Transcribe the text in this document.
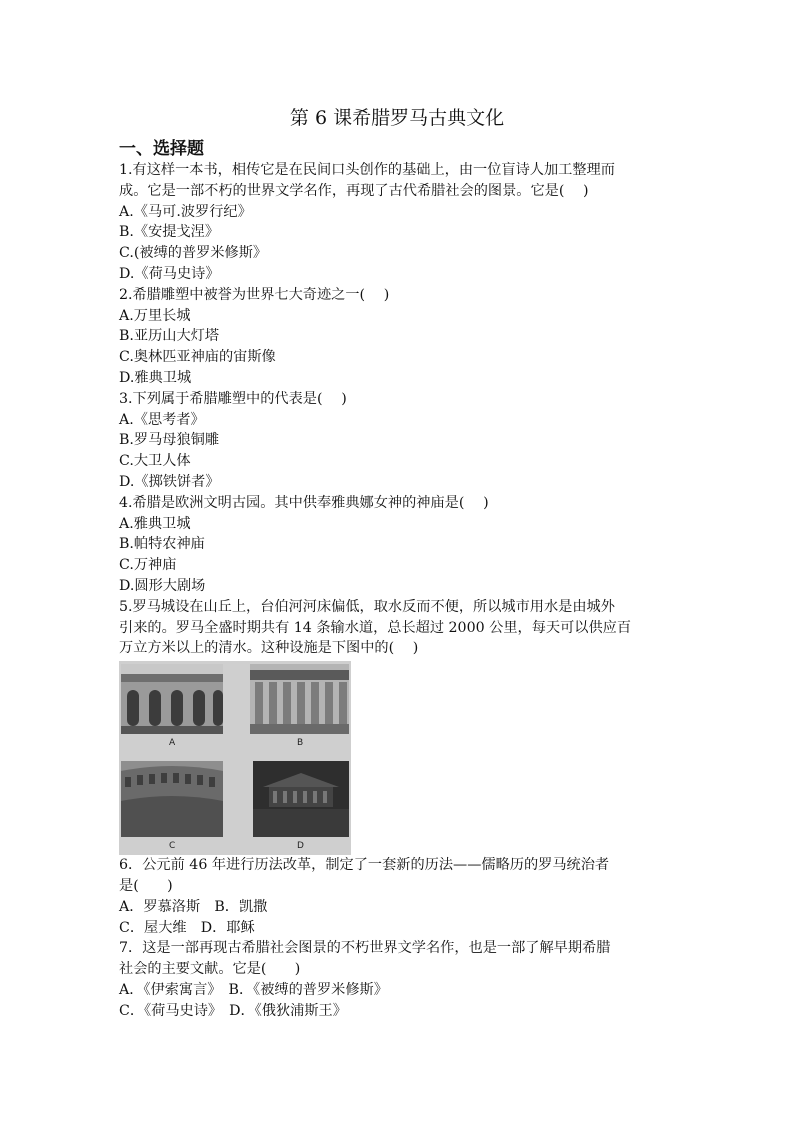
第 6 课希腊罗马古典文化
一、选择题
1.有这样一本书，相传它是在民间口头创作的基础上，由一位盲诗人加工整理而
成。它是一部不朽的世界文学名作，再现了古代希腊社会的图景。它是(　 )
A.《马可.波罗行纪》
B.《安提戈涅》
C.(被缚的普罗米修斯》
D.《荷马史诗》
2.希腊雕塑中被誉为世界七大奇迹之一(　 )
A.万里长城
B.亚历山大灯塔
C.奥林匹亚神庙的宙斯像
D.雅典卫城
3.下列属于希腊雕塑中的代表是(　 )
A.《思考者》
B.罗马母狼铜雕
C.大卫人体
D.《掷铁饼者》
4.希腊是欧洲文明古园。其中供奉雅典娜女神的神庙是(　 )
A.雅典卫城
B.帕特农神庙
C.万神庙
D.圆形大剧场
5.罗马城设在山丘上，台伯河河床偏低，取水反而不便，所以城市用水是由城外
引来的。罗马全盛时期共有 14 条输水道，总长超过 2000 公里，每天可以供应百
万立方米以上的清水。这种设施是下图中的(　 )
A	B
C	D
6．公元前 46 年进行历法改革，制定了一套新的历法——儒略历的罗马统治者
是(　　)
A．罗慕洛斯　B．凯撒
C．屋大维　D．耶稣
7．这是一部再现古希腊社会图景的不朽世界文学名作，也是一部了解早期希腊
社会的主要文献。它是(　　)
A．《伊索寓言》　B．《被缚的普罗米修斯》
C．《荷马史诗》　D．《俄狄浦斯王》
